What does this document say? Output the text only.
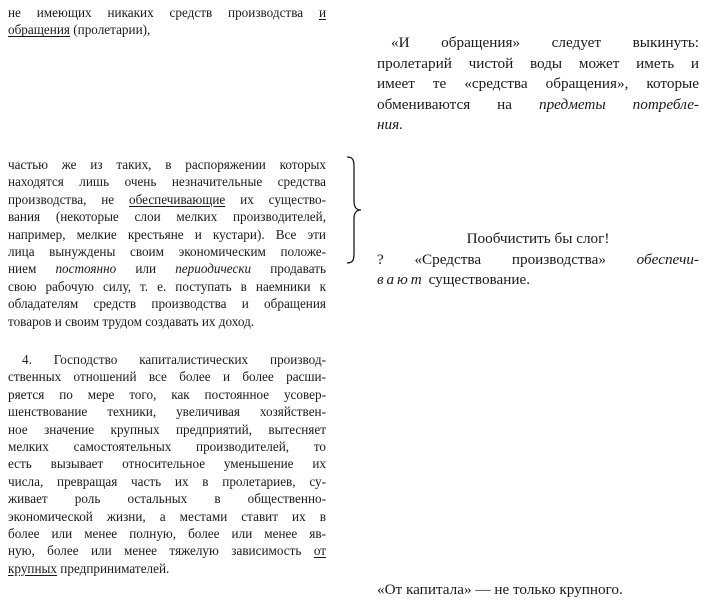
не имеющих никаких средств производства и
обращения (пролетарии),
частью же из таких, в распоряжении которых
находятся лишь очень незначительные средства
производства, не обеспечивающие их существо-
вания (некоторые слои мелких производителей,
например, мелкие крестьяне и кустари). Все эти
лица вынуждены своим экономическим положе-
нием постоянно или периодически продавать
свою рабочую силу, т. е. поступать в наемники к
обладателям средств производства и обращения
товаров и своим трудом создавать их доход.
4. Господство капиталистических производ-
ственных отношений все более и более расши-
ряется по мере того, как постоянное усовер-
шенствование техники, увеличивая хозяйствен-
ное значение крупных предприятий, вытесняет
мелких самостоятельных производителей, то
есть вызывает относительное уменьшение их
числа, превращая часть их в пролетариев, су-
живает роль остальных в общественно-
экономической жизни, а местами ставит их в
более или менее полную, более или менее яв-
ную, более или менее тяжелую зависимость от
крупных предпринимателей.
«И обращения» следует выкинуть:
пролетарий чистой воды может иметь и
имеет те «средства обращения», которые
обмениваются на предметы потребле-
ния.
Пообчистить бы слог!
? «Средства производства» обеспечи-
вают существование.
«От капитала» — не только крупного.
